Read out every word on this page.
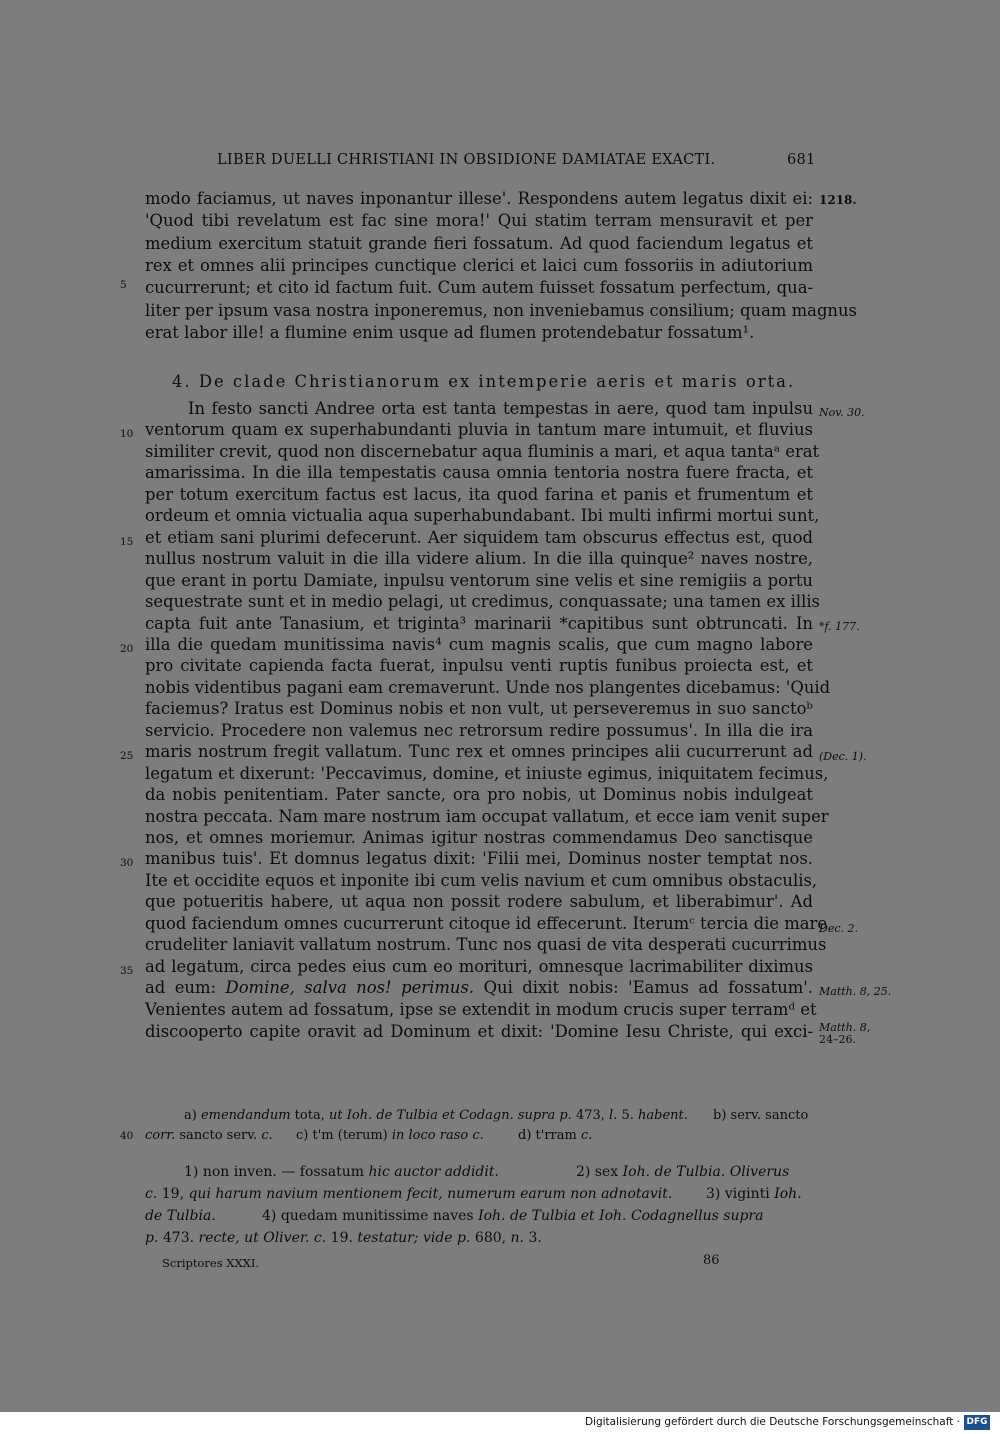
LIBER DUELLI CHRISTIANI IN OBSIDIONE DAMIATAE EXACTI.	681
modo faciamus, ut naves inponantur illese'. Respondens autem legatus dixit ei:
'Quod tibi revelatum est fac sine mora!' Qui statim terram mensuravit et per
medium exercitum statuit grande fieri fossatum. Ad quod faciendum legatus et
rex et omnes alii principes cunctique clerici et laici cum fossoriis in adiutorium
cucurrerunt; et cito id factum fuit. Cum autem fuisset fossatum perfectum, qua-
liter per ipsum vasa nostra inponeremus, non inveniebamus consilium; quam magnus
erat labor ille! a flumine enim usque ad flumen protendebatur fossatum¹.
4. De clade Christianorum ex intemperie aeris et maris orta.
In festo sancti Andree orta est tanta tempestas in aere, quod tam inpulsu
ventorum quam ex superhabundanti pluvia in tantum mare intumuit, et fluvius
similiter crevit, quod non discernebatur aqua fluminis a mari, et aqua tantaᵃ erat
amarissima. In die illa tempestatis causa omnia tentoria nostra fuere fracta, et
per totum exercitum factus est lacus, ita quod farina et panis et frumentum et
ordeum et omnia victualia aqua superhabundabant. Ibi multi infirmi mortui sunt,
et etiam sani plurimi defecerunt. Aer siquidem tam obscurus effectus est, quod
nullus nostrum valuit in die illa videre alium. In die illa quinque² naves nostre,
que erant in portu Damiate, inpulsu ventorum sine velis et sine remigiis a portu
sequestrate sunt et in medio pelagi, ut credimus, conquassate; una tamen ex illis
capta fuit ante Tanasium, et triginta³ marinarii *capitibus sunt obtruncati. In
illa die quedam munitissima navis⁴ cum magnis scalis, que cum magno labore
pro civitate capienda facta fuerat, inpulsu venti ruptis funibus proiecta est, et
nobis videntibus pagani eam cremaverunt. Unde nos plangentes dicebamus: 'Quid
faciemus? Iratus est Dominus nobis et non vult, ut perseveremus in suo sanctoᵇ
servicio. Procedere non valemus nec retrorsum redire possumus'. In illa die ira
maris nostrum fregit vallatum. Tunc rex et omnes principes alii cucurrerunt ad
legatum et dixerunt: 'Peccavimus, domine, et iniuste egimus, iniquitatem fecimus,
da nobis penitentiam. Pater sancte, ora pro nobis, ut Dominus nobis indulgeat
nostra peccata. Nam mare nostrum iam occupat vallatum, et ecce iam venit super
nos, et omnes moriemur. Animas igitur nostras commendamus Deo sanctisque
manibus tuis'. Et domnus legatus dixit: 'Filii mei, Dominus noster temptat nos.
Ite et occidite equos et inponite ibi cum velis navium et cum omnibus obstaculis,
que potueritis habere, ut aqua non possit rodere sabulum, et liberabimur'. Ad
quod faciendum omnes cucurrerunt citoque id effecerunt. Iterumᶜ tercia die mare
crudeliter laniavit vallatum nostrum. Tunc nos quasi de vita desperati cucurrimus
ad legatum, circa pedes eius cum eo morituri, omnesque lacrimabiliter diximus
ad eum: Domine, salva nos! perimus. Qui dixit nobis: 'Eamus ad fossatum'.
Venientes autem ad fossatum, ipse se extendit in modum crucis super terramᵈ et
discooperto capite oravit ad Dominum et dixit: 'Domine Iesu Christe, qui exci-
5
10
15
20
25
30
35
40
1218.
Nov. 30.
*f. 177.
(Dec. 1).
Dec. 2.
Matth. 8, 25.
Matth. 8,
24–26.
a) emendandum tota, ut Ioh. de Tulbia et Codagn. supra p. 473, l. 5. habent. b) serv. sancto
corr. sancto serv. c. c) t'm (terum) in loco raso c.	d) t'rram c.
1) non inven. — fossatum hic auctor addidit.	2) sex Ioh. de Tulbia. Oliverus
c. 19, qui harum navium mentionem fecit, numerum earum non adnotavit. 3) viginti Ioh.
de Tulbia.	4) quedam munitissime naves Ioh. de Tulbia et Ioh. Codagnellus supra
p. 473. recte, ut Oliver. c. 19. testatur; vide p. 680, n. 3.
Scriptores XXXI.	86
Digitalisierung gefördert durch die Deutsche Forschungsgemeinschaft · DFG
